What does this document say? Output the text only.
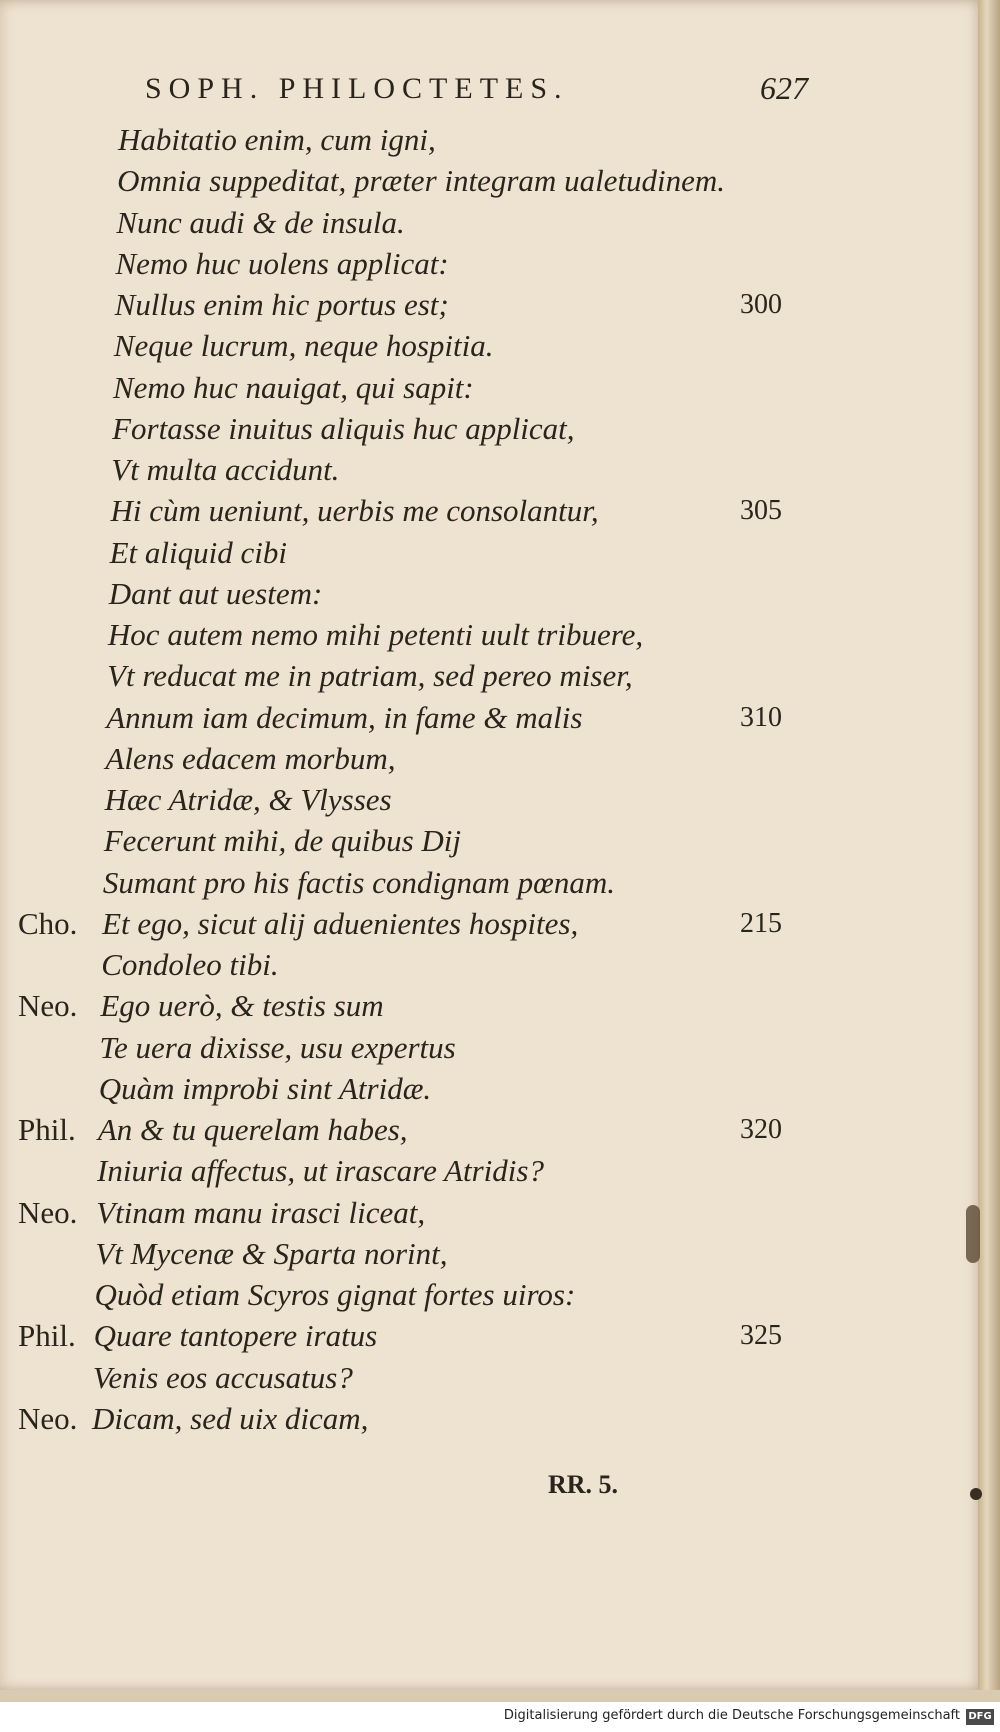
SOPH. PHILOCTETES.	627
Habitatio enim, cum igni,
Omnia suppeditat, præter integram ualetudinem.
Nunc audi & de insula.
Nemo huc uolens applicat:
Nullus enim hic portus est;	300
Neque lucrum, neque hospitia.
Nemo huc nauigat, qui sapit:
Fortasse inuitus aliquis huc applicat,
Vt multa accidunt.
Hi cùm ueniunt, uerbis me consolantur,	305
Et aliquid cibi
Dant aut uestem:
Hoc autem nemo mihi petenti uult tribuere,
Vt reducat me in patriam, sed pereo miser,
Annum iam decimum, in fame & malis	310
Alens edacem morbum,
Hæc Atridæ, & Vlysses
Fecerunt mihi, de quibus Dij
Sumant pro his factis condignam pœnam.
Cho. Et ego, sicut alij aduenientes hospites,	215
Condoleo tibi.
Neo. Ego uerò, & testis sum
Te uera dixisse, usu expertus
Quàm improbi sint Atridæ.
Phil. An & tu querelam habes,	320
Iniuria affectus, ut irascare Atridis?
Neo. Vtinam manu irasci liceat,
Vt Mycenæ & Sparta norint,
Quòd etiam Scyros gignat fortes uiros:
Phil. Quare tantopere iratus	325
Venis eos accusatus?
Neo. Dicam, sed uix dicam,
RR. 5.
Digitalisierung gefördert durch die Deutsche Forschungsgemeinschaft DFG
